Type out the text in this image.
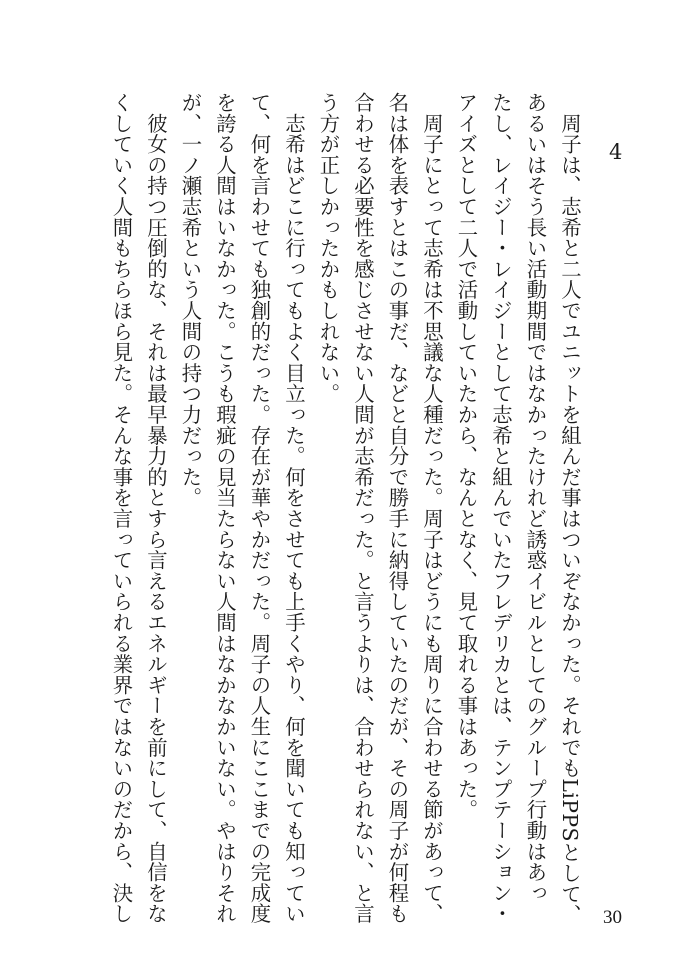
4

　周子は、志希と二人でユニットを組んだ事はついぞなかった。それでもLiPPSとして、

あるいはそう長い活動期間ではなかったけれど誘惑イビルとしてのグループ行動はあっ

たし、レイジー・レイジーとして志希と組んでいたフレデリカとは、テンプテーション・

アイズとして二人で活動していたから、なんとなく、見て取れる事はあった。

　周子にとって志希は不思議な人種だった。周子はどうにも周りに合わせる節があって、

名は体を表すとはこの事だ、などと自分で勝手に納得していたのだが、その周子が何程も

合わせる必要性を感じさせない人間が志希だった。と言うよりは、合わせられない、と言

う方が正しかったかもしれない。

　志希はどこに行ってもよく目立った。何をさせても上手くやり、何を聞いても知ってい

て、何を言わせても独創的だった。存在が華やかだった。周子の人生にここまでの完成度

を誇る人間はいなかった。こうも瑕疵の見当たらない人間はなかなかいない。やはりそれ

が、一ノ瀬志希という人間の持つ力だった。

　彼女の持つ圧倒的な、それは最早暴力的とすら言えるエネルギーを前にして、自信をな

くしていく人間もちらほら見た。そんな事を言っていられる業界ではないのだから、決し	30
